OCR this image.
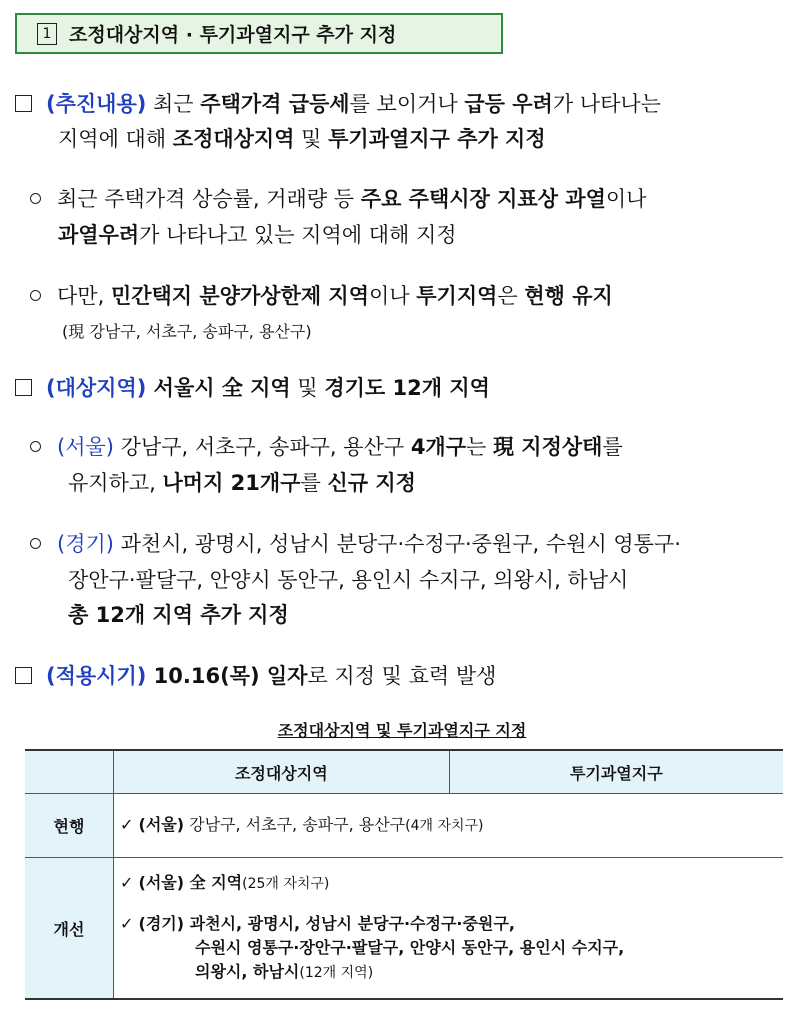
1 조정대상지역 · 투기과열지구 추가 지정
(추진내용) 최근 주택가격 급등세를 보이거나 급등 우려가 나타나는
지역에 대해 조정대상지역 및 투기과열지구 추가 지정
최근 주택가격 상승률, 거래량 등 주요 주택시장 지표상 과열이나
과열우려가 나타나고 있는 지역에 대해 지정
다만, 민간택지 분양가상한제 지역이나 투기지역은 현행 유지
(現 강남구, 서초구, 송파구, 용산구)
(대상지역) 서울시 全 지역 및 경기도 12개 지역
(서울) 강남구, 서초구, 송파구, 용산구 4개구는 現 지정상태를
유지하고, 나머지 21개구를 신규 지정
(경기) 과천시, 광명시, 성남시 분당구·수정구·중원구, 수원시 영통구·
장안구·팔달구, 안양시 동안구, 용인시 수지구, 의왕시, 하남시
총 12개 지역 추가 지정
(적용시기) 10.16(목) 일자로 지정 및 효력 발생
조정대상지역 및 투기과열지구 지정
	조정대상지역	투기과열지구
현행	✓ (서울) 강남구, 서초구, 송파구, 용산구(4개 자치구)	

개선	✓ (서울) 全 지역(25개 자치구)
✓ (경기) 과천시, 광명시, 성남시 분당구·수정구·중원구,
수원시 영통구·장안구·팔달구, 안양시 동안구, 용인시 수지구,
의왕시, 하남시(12개 지역)	
